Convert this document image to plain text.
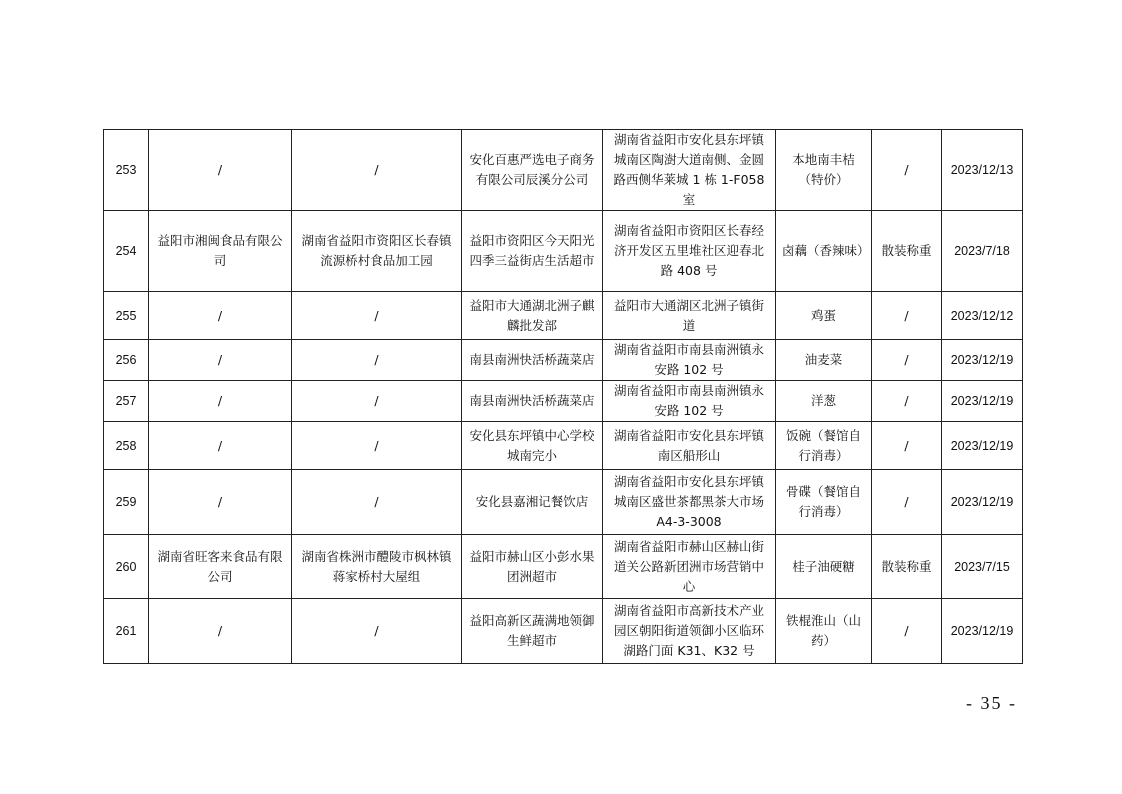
253	/	/	安化百惠严选电子商务有限公司辰溪分公司	湖南省益阳市安化县东坪镇城南区陶澍大道南侧、金圆路西侧华莱城 1 栋 1-F058 室	本地南丰桔（特价）	/	2023/12/13
254	益阳市湘闽食品有限公司	湖南省益阳市资阳区长春镇流源桥村食品加工园	益阳市资阳区今天阳光四季三益街店生活超市	湖南省益阳市资阳区长春经济开发区五里堆社区迎春北路 408 号	卤藕（香辣味）	散装称重	2023/7/18
255	/	/	益阳市大通湖北洲子麒麟批发部	益阳市大通湖区北洲子镇街道	鸡蛋	/	2023/12/12
256	/	/	南县南洲快活桥蔬菜店	湖南省益阳市南县南洲镇永安路 102 号	油麦菜	/	2023/12/19
257	/	/	南县南洲快活桥蔬菜店	湖南省益阳市南县南洲镇永安路 102 号	洋葱	/	2023/12/19
258	/	/	安化县东坪镇中心学校城南完小	湖南省益阳市安化县东坪镇南区船形山	饭碗（餐馆自行消毒）	/	2023/12/19
259	/	/	安化县嘉湘记餐饮店	湖南省益阳市安化县东坪镇城南区盛世茶都黑茶大市场 A4-3-3008	骨碟（餐馆自行消毒）	/	2023/12/19
260	湖南省旺客来食品有限公司	湖南省株洲市醴陵市枫林镇蒋家桥村大屋组	益阳市赫山区小彭水果团洲超市	湖南省益阳市赫山区赫山街道关公路新团洲市场营销中心	桂子油硬糖	散装称重	2023/7/15
261	/	/	益阳高新区蔬满地领御生鲜超市	湖南省益阳市高新技术产业园区朝阳街道领御小区临环湖路门面 K31、K32 号	铁棍淮山（山药）	/	2023/12/19
- 35 -
